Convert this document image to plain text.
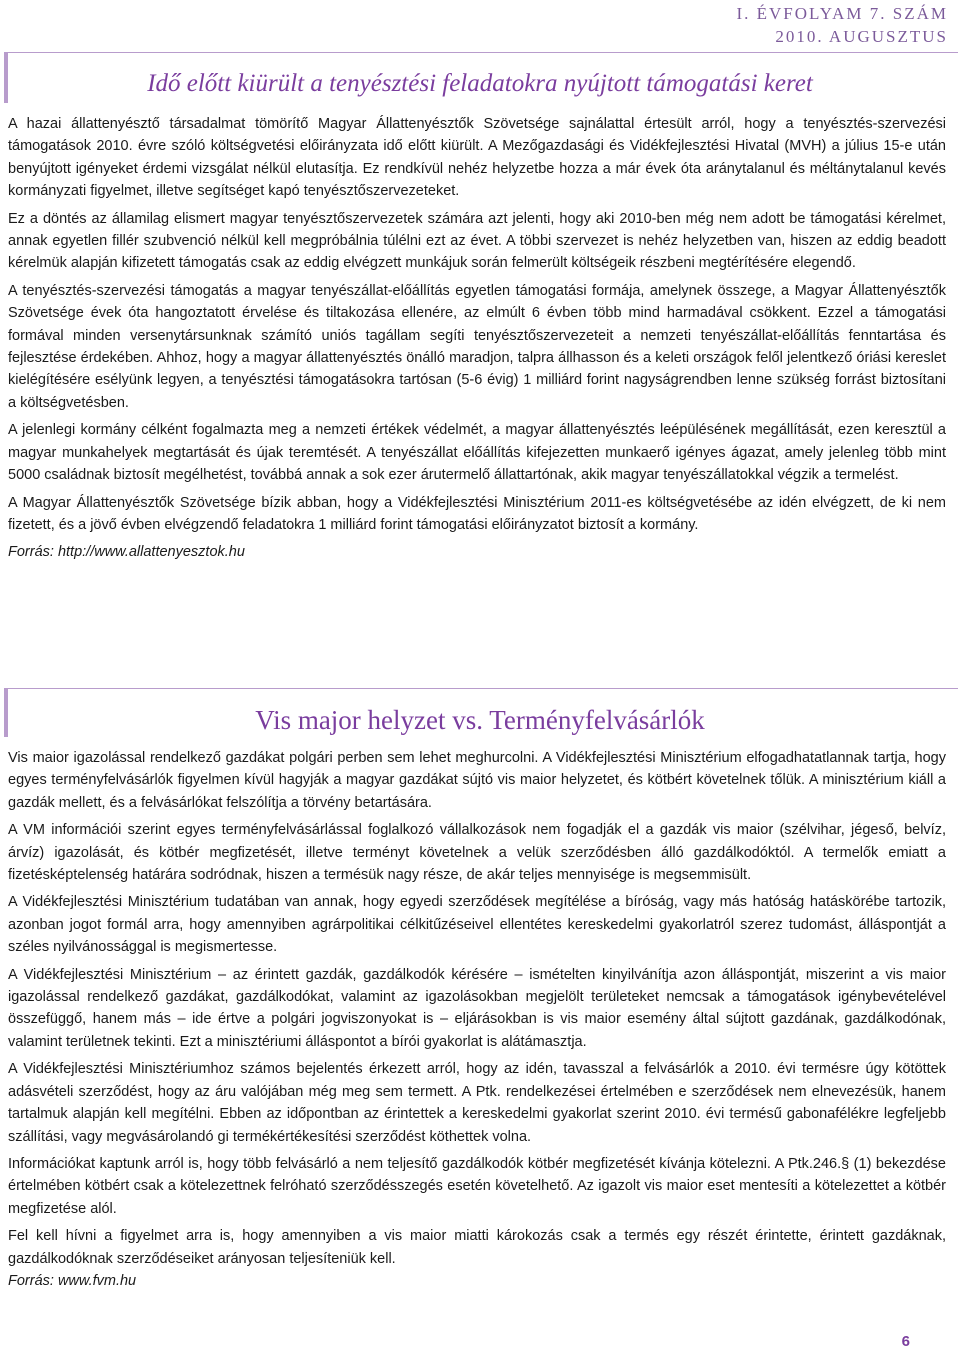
I. ÉVFOLYAM 7. SZÁM
2010. AUGUSZTUS
Idő előtt kiürült a tenyésztési feladatokra nyújtott támogatási keret

A hazai állattenyésztő társadalmat tömörítő Magyar Állattenyésztők Szövetsége sajnálattal értesült arról, hogy a tenyésztés-szervezési támogatások 2010. évre szóló költségvetési előirányzata idő előtt kiürült. A Mezőgazdasági és Vidékfejlesztési Hivatal (MVH) a július 15-e után benyújtott igényeket érdemi vizsgálat nélkül elutasítja. Ez rendkívül nehéz helyzetbe hozza a már évek óta aránytalanul és méltánytalanul kevés kormányzati figyelmet, illetve segítséget kapó tenyésztőszervezeteket.

Ez a döntés az államilag elismert magyar tenyésztőszervezetek számára azt jelenti, hogy aki 2010-ben még nem adott be támogatási kérelmet, annak egyetlen fillér szubvenció nélkül kell megpróbálnia túlélni ezt az évet. A többi szervezet is nehéz helyzetben van, hiszen az eddig beadott kérelmük alapján kifizetett támogatás csak az eddig elvégzett munkájuk során felmerült költségeik részbeni megtérítésére elegendő.

A tenyésztés-szervezési támogatás a magyar tenyészállat-előállítás egyetlen támogatási formája, amelynek összege, a Magyar Állattenyésztők Szövetsége évek óta hangoztatott érvelése és tiltakozása ellenére, az elmúlt 6 évben több mind harmadával csökkent. Ezzel a támogatási formával minden versenytársunknak számító uniós tagállam segíti tenyésztőszervezeteit a nemzeti tenyészállat-előállítás fenntartása és fejlesztése érdekében. Ahhoz, hogy a magyar állattenyésztés önálló maradjon, talpra állhasson és a keleti országok felől jelentkező óriási kereslet kielégítésére esélyünk legyen, a tenyésztési támogatásokra tartósan (5-6 évig) 1 milliárd forint nagyságrendben lenne szükség forrást biztosítani a költségvetésben.

A jelenlegi kormány célként fogalmazta meg a nemzeti értékek védelmét, a magyar állattenyésztés leépülésének megállítását, ezen keresztül a magyar munkahelyek megtartását és újak teremtését. A tenyészállat előállítás kifejezetten munkaerő igényes ágazat, amely jelenleg több mint 5000 családnak biztosít megélhetést, továbbá annak a sok ezer árutermelő állattartónak, akik magyar tenyészállatokkal végzik a termelést.

A Magyar Állattenyésztők Szövetsége bízik abban, hogy a Vidékfejlesztési Minisztérium 2011-es költségvetésébe az idén elvégzett, de ki nem fizetett, és a jövő évben elvégzendő feladatokra 1 milliárd forint támogatási előirányzatot biztosít a kormány.

Forrás: http://www.allattenyesztok.hu

Vis major helyzet vs. Terményfelvásárlók

Vis maior igazolással rendelkező gazdákat polgári perben sem lehet meghurcolni. A Vidékfejlesztési Minisztérium elfogadhatatlannak tartja, hogy egyes terményfelvásárlók figyelmen kívül hagyják a magyar gazdákat sújtó vis maior helyzetet, és kötbért követelnek tőlük. A minisztérium kiáll a gazdák mellett, és a felvásárlókat felszólítja a törvény betartására.

A VM információi szerint egyes terményfelvásárlással foglalkozó vállalkozások nem fogadják el a gazdák vis maior (szélvihar, jégeső, belvíz, árvíz) igazolását, és kötbér megfizetését, illetve terményt követelnek a velük szerződésben álló gazdálkodóktól. A termelők emiatt a fizetésképtelenség határára sodródnak, hiszen a termésük nagy része, de akár teljes mennyisége is megsemmisült.

A Vidékfejlesztési Minisztérium tudatában van annak, hogy egyedi szerződések megítélése a bíróság, vagy más hatóság hatáskörébe tartozik, azonban jogot formál arra, hogy amennyiben agrárpolitikai célkitűzéseivel ellentétes kereskedelmi gyakorlatról szerez tudomást, álláspontját a széles nyilvánossággal is megismertesse.

A Vidékfejlesztési Minisztérium – az érintett gazdák, gazdálkodók kérésére – ismételten kinyilvánítja azon álláspontját, miszerint a vis maior igazolással rendelkező gazdákat, gazdálkodókat, valamint az igazolásokban megjelölt területeket nemcsak a támogatások igénybevételével összefüggő, hanem más – ide értve a polgári jogviszonyokat is – eljárásokban is vis maior esemény által sújtott gazdának, gazdálkodónak, valamint területnek tekinti. Ezt a minisztériumi álláspontot a bírói gyakorlat is alátámasztja.

A Vidékfejlesztési Minisztériumhoz számos bejelentés érkezett arról, hogy az idén, tavasszal a felvásárlók a 2010. évi termésre úgy kötöttek adásvételi szerződést, hogy az áru valójában még meg sem termett. A Ptk. rendelkezései értelmében e szerződések nem elnevezésük, hanem tartalmuk alapján kell megítélni. Ebben az időpontban az érintettek a kereskedelmi gyakorlat szerint 2010. évi termésű gabonafélékre legfeljebb szállítási, vagy megvásárolandó gi termékértékesítési szerződést köthettek volna.

Információkat kaptunk arról is, hogy több felvásárló a nem teljesítő gazdálkodók kötbér megfizetését kívánja kötelezni. A Ptk.246.§ (1) bekezdése értelmében kötbért csak a kötelezettnek felróható szerződésszegés esetén követelhető. Az igazolt vis maior eset mentesíti a kötelezettet a kötbér megfizetése alól.

Fel kell hívni a figyelmet arra is, hogy amennyiben a vis maior miatti károkozás csak a termés egy részét érintette, érintett gazdáknak, gazdálkodóknak szerződéseiket arányosan teljesíteniük kell.

Forrás: www.fvm.hu

6
